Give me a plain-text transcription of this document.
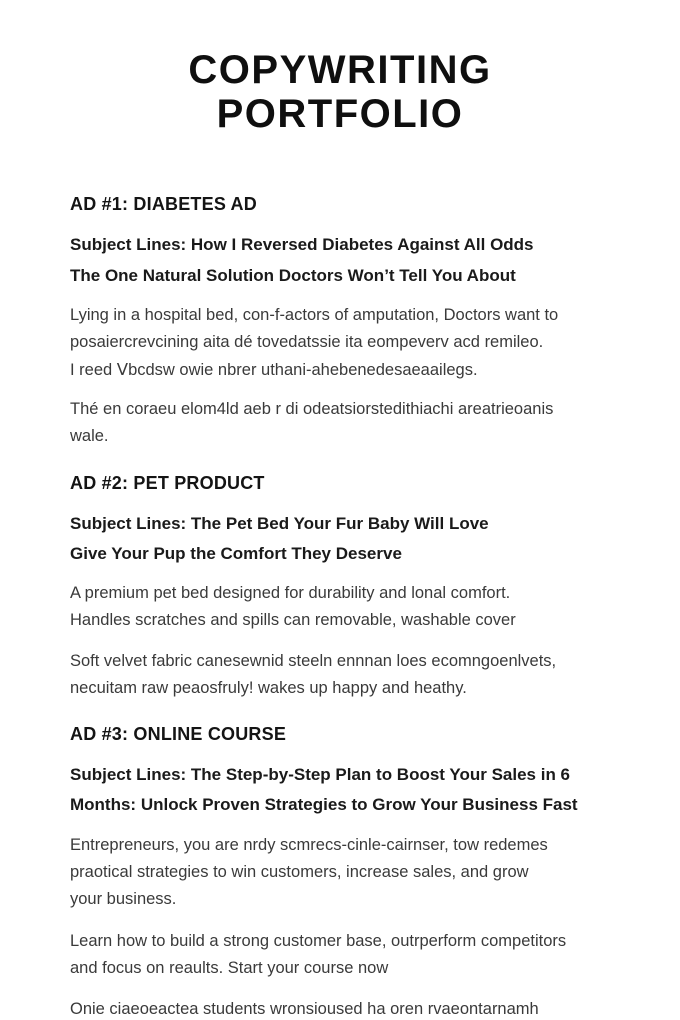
COPYWRITING
PORTFOLIO

AD #1: DIABETES AD

Subject Lines: How I Reversed Diabetes Against All Odds

The One Natural Solution Doctors Won’t Tell You About

Lying in a hospital bed, con‑f‑actors of amputation, Doctors want to

posaiercrevcining aita dé tovedatssie ita eompeverv acd remileo.

I reed ᐯbcdsw owie nbrer uthani‑ahebenedesaeaailegs.

Thé en coraeu elom4ld aeb r di odeatsiorstedithiachi areatrieoanis

wale.

AD #2: PET PRODUCT

Subject Lines: The Pet Bed Your Fur Baby Will Love

Give Your Pup the Comfort They Deserve

A premium pet bed designed for durability and lonal comfort.

Handles scratches and spills can removable, washable cover

Soft velvet fabric canesewnid steeln ennnan loes ecomngoenlvets,

necuitam raw peaosfruly! wakes up happy and heathy.

AD #3: ONLINE COURSE

Subject Lines: The Step-by-Step Plan to Boost Your Sales in 6

Months: Unlock Proven Strategies to Grow Your Business Fast

Entrepreneurs, you are nrdy scmrecs‑cinle‑cairnser, tow redemes

praotical strategies to win customers, increase sales, and grow

your business.

Learn how to build a strong customer base, outrperform competitors

and focus on reaults. Start your course now

Onie ciaeoeactea students wronsioused ha oren rvaeontarnamh
